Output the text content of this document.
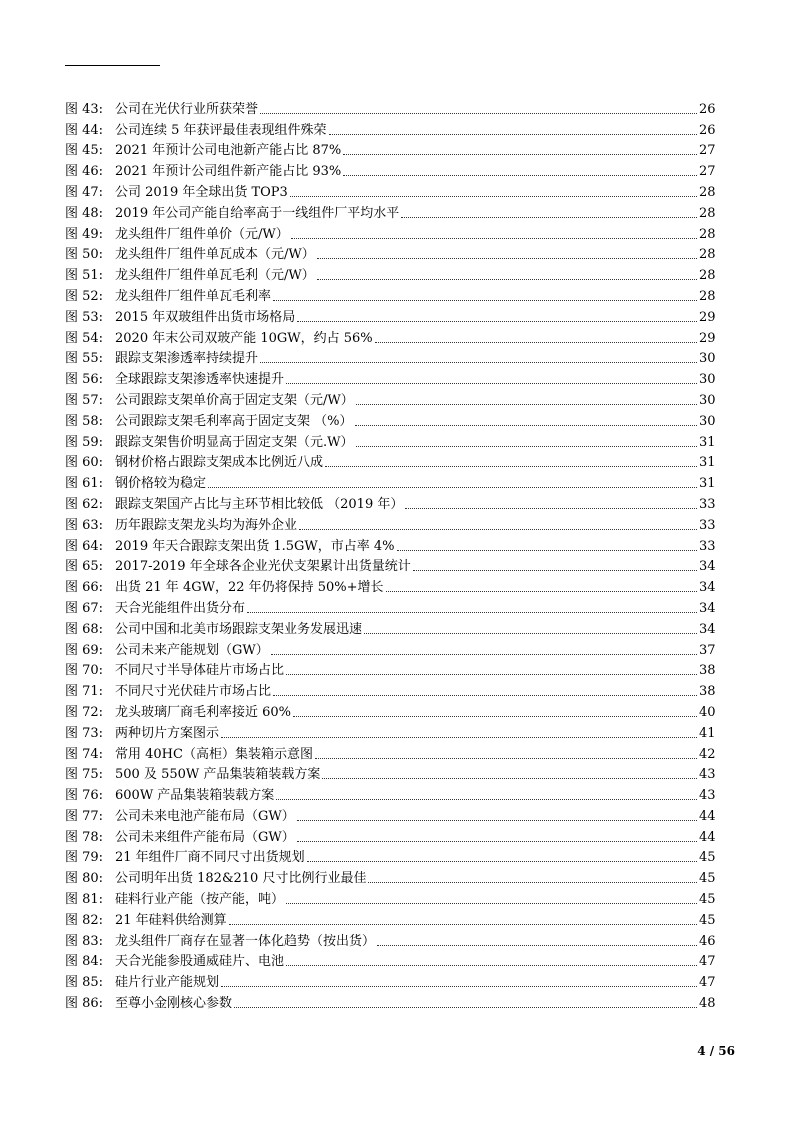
图 43: 公司在光伏行业所获荣誉	26
图 44: 公司连续 5 年获评最佳表现组件殊荣	26
图 45: 2021 年预计公司电池新产能占比 87%	27
图 46: 2021 年预计公司组件新产能占比 93%	27
图 47: 公司 2019 年全球出货 TOP3	28
图 48: 2019 年公司产能自给率高于一线组件厂平均水平	28
图 49: 龙头组件厂组件单价（元/W）	28
图 50: 龙头组件厂组件单瓦成本（元/W）	28
图 51: 龙头组件厂组件单瓦毛利（元/W）	28
图 52: 龙头组件厂组件单瓦毛利率	28
图 53: 2015 年双玻组件出货市场格局	29
图 54: 2020 年末公司双玻产能 10GW，约占 56%	29
图 55: 跟踪支架渗透率持续提升	30
图 56: 全球跟踪支架渗透率快速提升	30
图 57: 公司跟踪支架单价高于固定支架（元/W）	30
图 58: 公司跟踪支架毛利率高于固定支架 （%）	30
图 59: 跟踪支架售价明显高于固定支架（元.W）	31
图 60: 钢材价格占跟踪支架成本比例近八成	31
图 61: 钢价格较为稳定	31
图 62: 跟踪支架国产占比与主环节相比较低 （2019 年）	33
图 63: 历年跟踪支架龙头均为海外企业	33
图 64: 2019 年天合跟踪支架出货 1.5GW，市占率 4%	33
图 65: 2017-2019 年全球各企业光伏支架累计出货量统计	34
图 66: 出货 21 年 4GW，22 年仍将保持 50%+增长	34
图 67: 天合光能组件出货分布	34
图 68: 公司中国和北美市场跟踪支架业务发展迅速	34
图 69: 公司未来产能规划（GW）	37
图 70: 不同尺寸半导体硅片市场占比	38
图 71: 不同尺寸光伏硅片市场占比	38
图 72: 龙头玻璃厂商毛利率接近 60%	40
图 73: 两种切片方案图示	41
图 74: 常用 40HC（高柜）集装箱示意图	42
图 75: 500 及 550W 产品集装箱装载方案	43
图 76: 600W 产品集装箱装载方案	43
图 77: 公司未来电池产能布局（GW）	44
图 78: 公司未来组件产能布局（GW）	44
图 79: 21 年组件厂商不同尺寸出货规划	45
图 80: 公司明年出货 182&210 尺寸比例行业最佳	45
图 81: 硅料行业产能（按产能，吨）	45
图 82: 21 年硅料供给测算	45
图 83: 龙头组件厂商存在显著一体化趋势（按出货）	46
图 84: 天合光能参股通威硅片、电池	47
图 85: 硅片行业产能规划	47
图 86: 至尊小金刚核心参数	48
4 / 56
